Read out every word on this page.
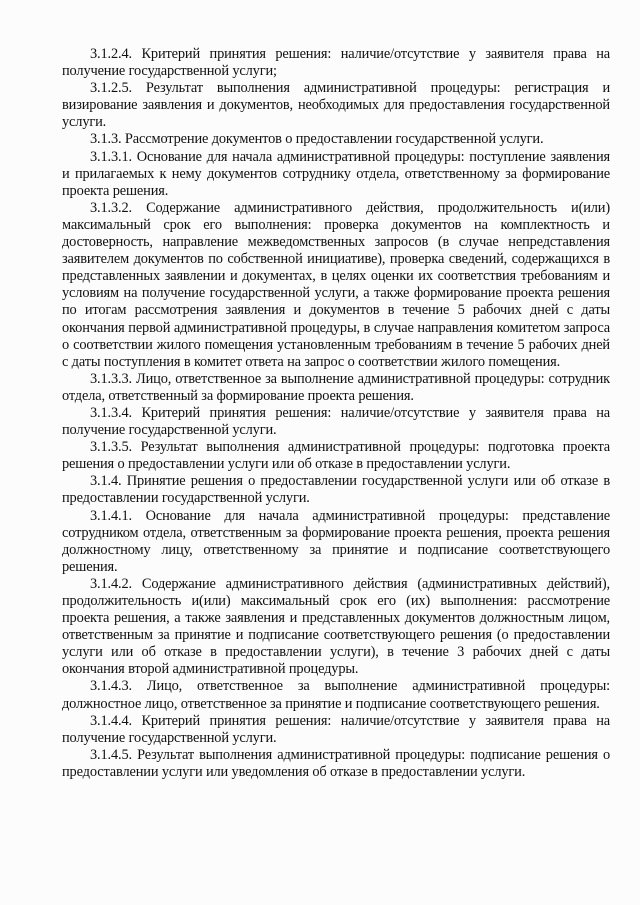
3.1.2.4. Критерий принятия решения: наличие/отсутствие у заявителя права на получение государственной услуги;

3.1.2.5. Результат выполнения административной процедуры: регистрация и визирование заявления и документов, необходимых для предоставления государственной услуги.

3.1.3. Рассмотрение документов о предоставлении государственной услуги.

3.1.3.1. Основание для начала административной процедуры: поступление заявления и прилагаемых к нему документов сотруднику отдела, ответственному за формирование проекта решения.

3.1.3.2. Содержание административного действия, продолжительность и(или) максимальный срок его выполнения: проверка документов на комплектность и достоверность, направление межведомственных запросов (в случае непредставления заявителем документов по собственной инициативе), проверка сведений, содержащихся в представленных заявлении и документах, в целях оценки их соответствия требованиям и условиям на получение государственной услуги, а также формирование проекта решения по итогам рассмотрения заявления и документов в течение 5 рабочих дней с даты окончания первой административной процедуры, в случае направления комитетом запроса о соответствии жилого помещения установленным требованиям в течение 5 рабочих дней с даты поступления в комитет ответа на запрос о соответствии жилого помещения.

3.1.3.3. Лицо, ответственное за выполнение административной процедуры: сотрудник отдела, ответственный за формирование проекта решения.

3.1.3.4. Критерий принятия решения: наличие/отсутствие у заявителя права на получение государственной услуги.

3.1.3.5. Результат выполнения административной процедуры: подготовка проекта решения о предоставлении услуги или об отказе в предоставлении услуги.

3.1.4. Принятие решения о предоставлении государственной услуги или об отказе в предоставлении государственной услуги.

3.1.4.1. Основание для начала административной процедуры: представление сотрудником отдела, ответственным за формирование проекта решения, проекта решения должностному лицу, ответственному за принятие и подписание соответствующего решения.

3.1.4.2. Содержание административного действия (административных действий), продолжительность и(или) максимальный срок его (их) выполнения: рассмотрение проекта решения, а также заявления и представленных документов должностным лицом, ответственным за принятие и подписание соответствующего решения (о предоставлении услуги или об отказе в предоставлении услуги), в течение 3 рабочих дней с даты окончания второй административной процедуры.

3.1.4.3. Лицо, ответственное за выполнение административной процедуры: должностное лицо, ответственное за принятие и подписание соответствующего решения.

3.1.4.4. Критерий принятия решения: наличие/отсутствие у заявителя права на получение государственной услуги.

3.1.4.5. Результат выполнения административной процедуры: подписание решения о предоставлении услуги или уведомления об отказе в предоставлении услуги.
